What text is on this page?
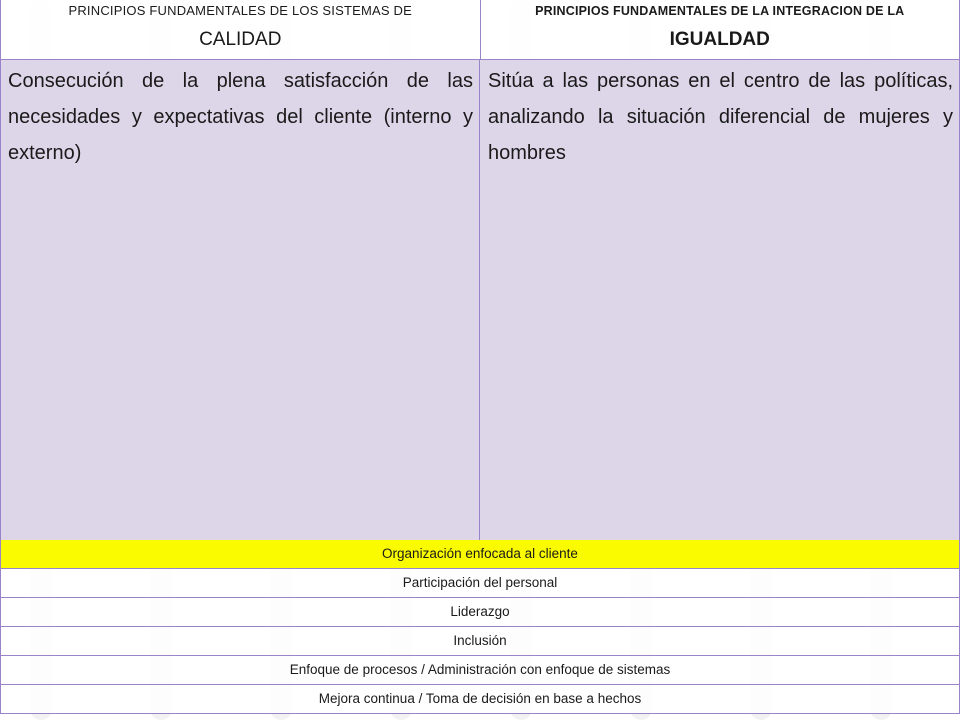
PRINCIPIOS FUNDAMENTALES DE LOS SISTEMAS DE
CALIDAD
PRINCIPIOS FUNDAMENTALES DE LA INTEGRACION DE LA
IGUALDAD
Consecución de la plena satisfacción de las necesidades y expectativas del cliente (interno y externo)
Sitúa a las personas en el centro de las políticas, analizando la situación diferencial de mujeres y hombres
Organización enfocada al cliente
Participación del personal
Liderazgo
Inclusión
Enfoque de procesos / Administración con enfoque de sistemas
Mejora continua / Toma de decisión en base a hechos
